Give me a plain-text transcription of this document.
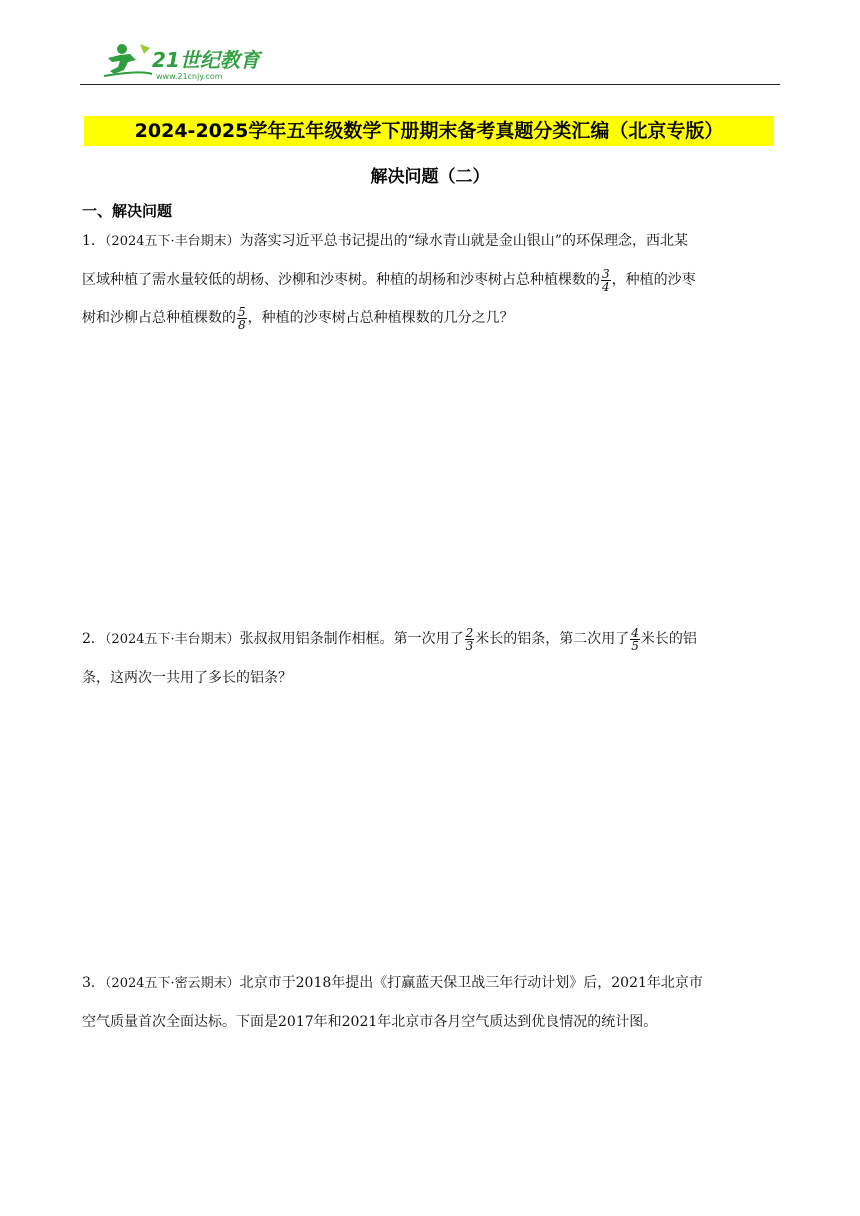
21世纪教育
www.21cnjy.com
2024-2025学年五年级数学下册期末备考真题分类汇编（北京专版）
解决问题（二）
一、解决问题
1．（2024五下·丰台期末）为落实习近平总书记提出的“绿水青山就是金山银山”的环保理念，西北某
区域种植了需水量较低的胡杨、沙柳和沙枣树。种植的胡杨和沙枣树占总种植棵数的 $\frac{3}{4}$ ，种植的沙枣
树和沙柳占总种植棵数的 $\frac{5}{8}$ ，种植的沙枣树占总种植棵数的几分之几？
2．（2024五下·丰台期末）张叔叔用铝条制作相框。第一次用了 $\frac{2}{3}$ 米长的铝条，第二次用了 $\frac{4}{5}$ 米长的铝
条，这两次一共用了多长的铝条？
3．（2024五下·密云期末）北京市于2018年提出《打赢蓝天保卫战三年行动计划》后，2021年北京市
空气质量首次全面达标。下面是2017年和2021年北京市各月空气质达到优良情况的统计图。
